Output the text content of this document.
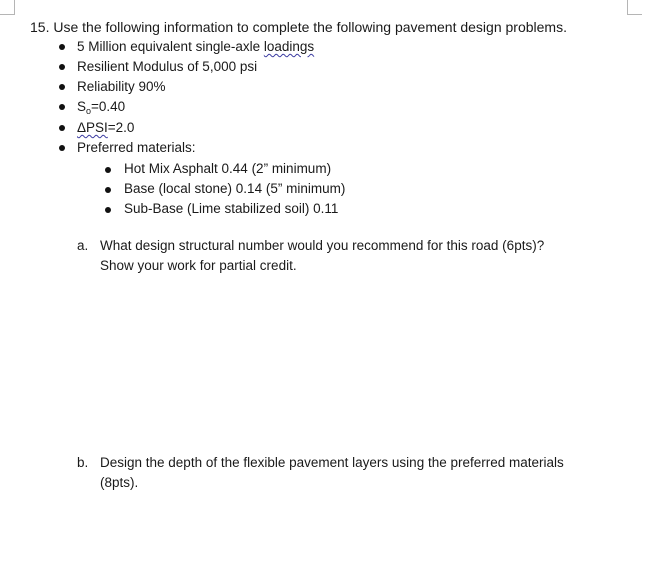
15. Use the following information to complete the following pavement design problems.
5 Million equivalent single-axle loadings
Resilient Modulus of 5,000 psi
Reliability 90%
$S_o=0.40$
ΔPSI=2.0
Preferred materials:
Hot Mix Asphalt 0.44 (2” minimum)
Base (local stone) 0.14 (5” minimum)
Sub-Base (Lime stabilized soil) 0.11
a. What design structural number would you recommend for this road (6pts)?
Show your work for partial credit.
b. Design the depth of the flexible pavement layers using the preferred materials
(8pts).
